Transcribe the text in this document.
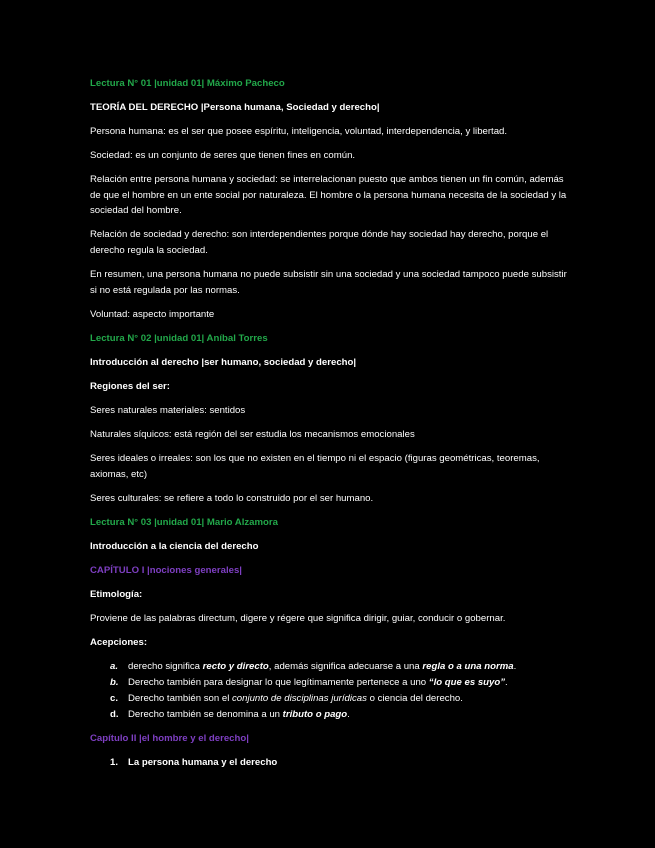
Lectura N° 01 |unidad 01| Máximo Pacheco

TEORÍA DEL DERECHO |Persona humana, Sociedad y derecho|

Persona humana: es el ser que posee espíritu, inteligencia, voluntad, interdependencia, y libertad.

Sociedad: es un conjunto de seres que tienen fines en común.

Relación entre persona humana y sociedad: se interrelacionan puesto que ambos tienen un fin común, además de que el hombre en un ente social por naturaleza. El hombre o la persona humana necesita de la sociedad y la sociedad del hombre.

Relación de sociedad y derecho: son interdependientes porque dónde hay sociedad hay derecho, porque el derecho regula la sociedad.

En resumen, una persona humana no puede subsistir sin una sociedad y una sociedad tampoco puede subsistir si no está regulada por las normas.

Voluntad: aspecto importante

Lectura N° 02 |unidad 01| Aníbal Torres

Introducción al derecho |ser humano, sociedad y derecho|

Regiones del ser:

Seres naturales materiales: sentidos

Naturales síquicos: está región del ser estudia los mecanismos emocionales

Seres ideales o irreales: son los que no existen en el tiempo ni el espacio (figuras geométricas, teoremas, axiomas, etc)

Seres culturales: se refiere a todo lo construido por el ser humano.

Lectura N° 03 |unidad 01| Mario Alzamora

Introducción a la ciencia del derecho

CAPÍTULO I |nociones generales|

Etimología:

Proviene de las palabras directum, digere y régere que significa dirigir, guiar, conducir o gobernar.

Acepciones:

a. derecho significa recto y directo, además significa adecuarse a una regla o a una norma.
b. Derecho también para designar lo que legítimamente pertenece a uno “lo que es suyo”.
c. Derecho también son el conjunto de disciplinas jurídicas o ciencia del derecho.
d. Derecho también se denomina a un tributo o pago.

Capítulo II |el hombre y el derecho|

1. La persona humana y el derecho
